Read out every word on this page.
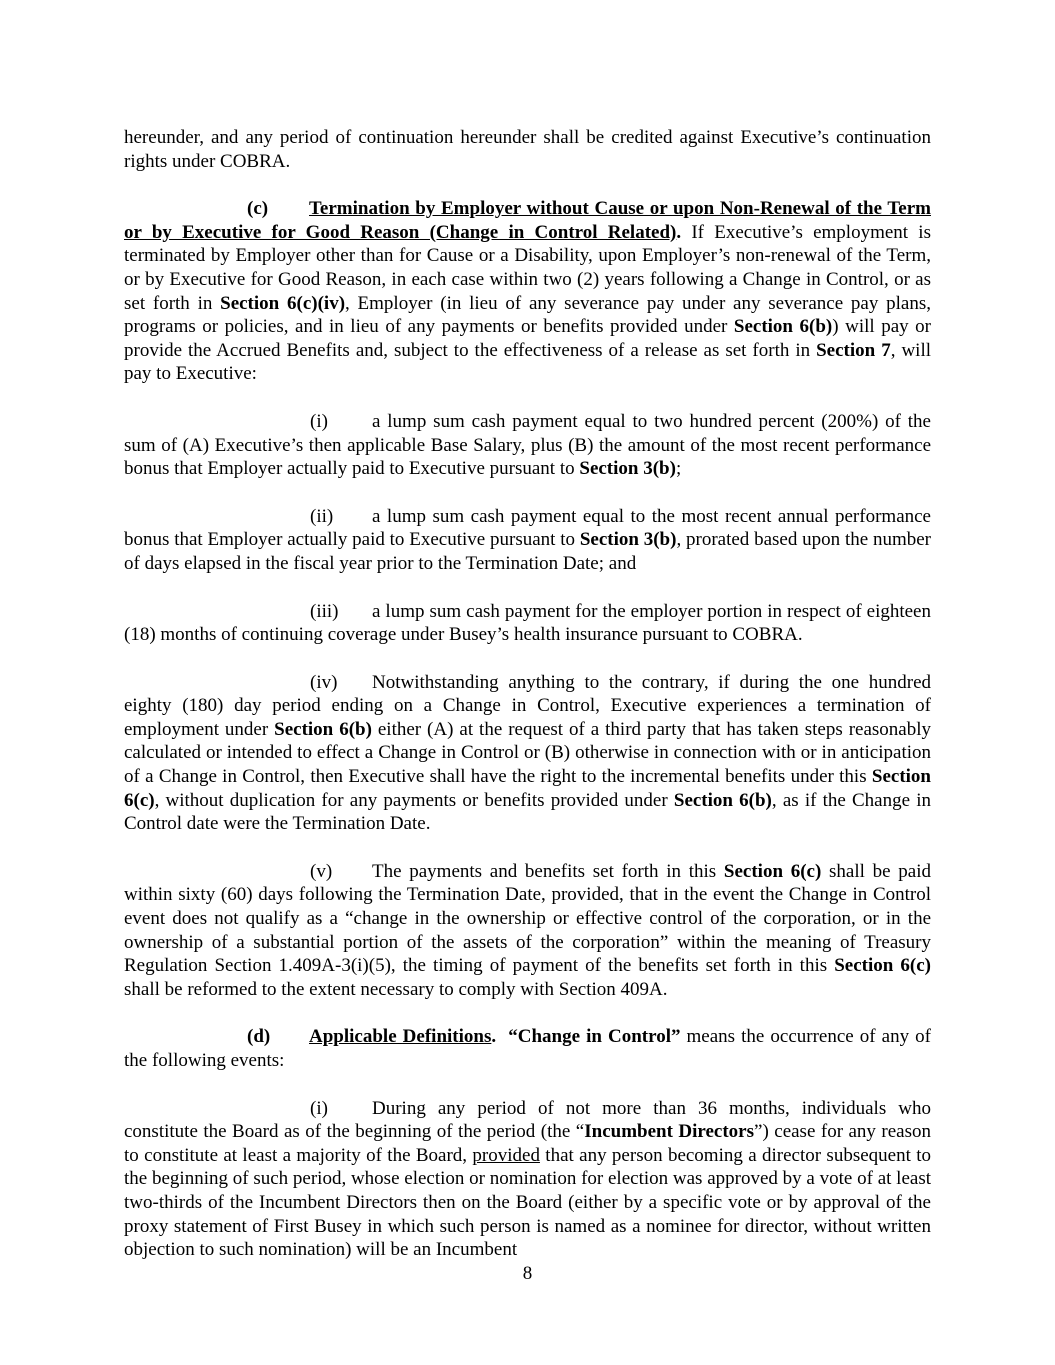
hereunder, and any period of continuation hereunder shall be credited against Executive’s continuation rights under COBRA.

(c) Termination by Employer without Cause or upon Non-Renewal of the Term or by Executive for Good Reason (Change in Control Related). If Executive’s employment is terminated by Employer other than for Cause or a Disability, upon Employer’s non-renewal of the Term, or by Executive for Good Reason, in each case within two (2) years following a Change in Control, or as set forth in Section 6(c)(iv), Employer (in lieu of any severance pay under any severance pay plans, programs or policies, and in lieu of any payments or benefits provided under Section 6(b)) will pay or provide the Accrued Benefits and, subject to the effectiveness of a release as set forth in Section 7, will pay to Executive:

(i) a lump sum cash payment equal to two hundred percent (200%) of the sum of (A) Executive’s then applicable Base Salary, plus (B) the amount of the most recent performance bonus that Employer actually paid to Executive pursuant to Section 3(b);

(ii) a lump sum cash payment equal to the most recent annual performance bonus that Employer actually paid to Executive pursuant to Section 3(b), prorated based upon the number of days elapsed in the fiscal year prior to the Termination Date; and

(iii) a lump sum cash payment for the employer portion in respect of eighteen (18) months of continuing coverage under Busey’s health insurance pursuant to COBRA.

(iv) Notwithstanding anything to the contrary, if during the one hundred eighty (180) day period ending on a Change in Control, Executive experiences a termination of employment under Section 6(b) either (A) at the request of a third party that has taken steps reasonably calculated or intended to effect a Change in Control or (B) otherwise in connection with or in anticipation of a Change in Control, then Executive shall have the right to the incremental benefits under this Section 6(c), without duplication for any payments or benefits provided under Section 6(b), as if the Change in Control date were the Termination Date.

(v) The payments and benefits set forth in this Section 6(c) shall be paid within sixty (60) days following the Termination Date, provided, that in the event the Change in Control event does not qualify as a “change in the ownership or effective control of the corporation, or in the ownership of a substantial portion of the assets of the corporation” within the meaning of Treasury Regulation Section 1.409A-3(i)(5), the timing of payment of the benefits set forth in this Section 6(c) shall be reformed to the extent necessary to comply with Section 409A.

(d) Applicable Definitions. “Change in Control” means the occurrence of any of the following events:

(i) During any period of not more than 36 months, individuals who constitute the Board as of the beginning of the period (the “Incumbent Directors”) cease for any reason to constitute at least a majority of the Board, provided that any person becoming a director subsequent to the beginning of such period, whose election or nomination for election was approved by a vote of at least two-thirds of the Incumbent Directors then on the Board (either by a specific vote or by approval of the proxy statement of First Busey in which such person is named as a nominee for director, without written objection to such nomination) will be an Incumbent

8
